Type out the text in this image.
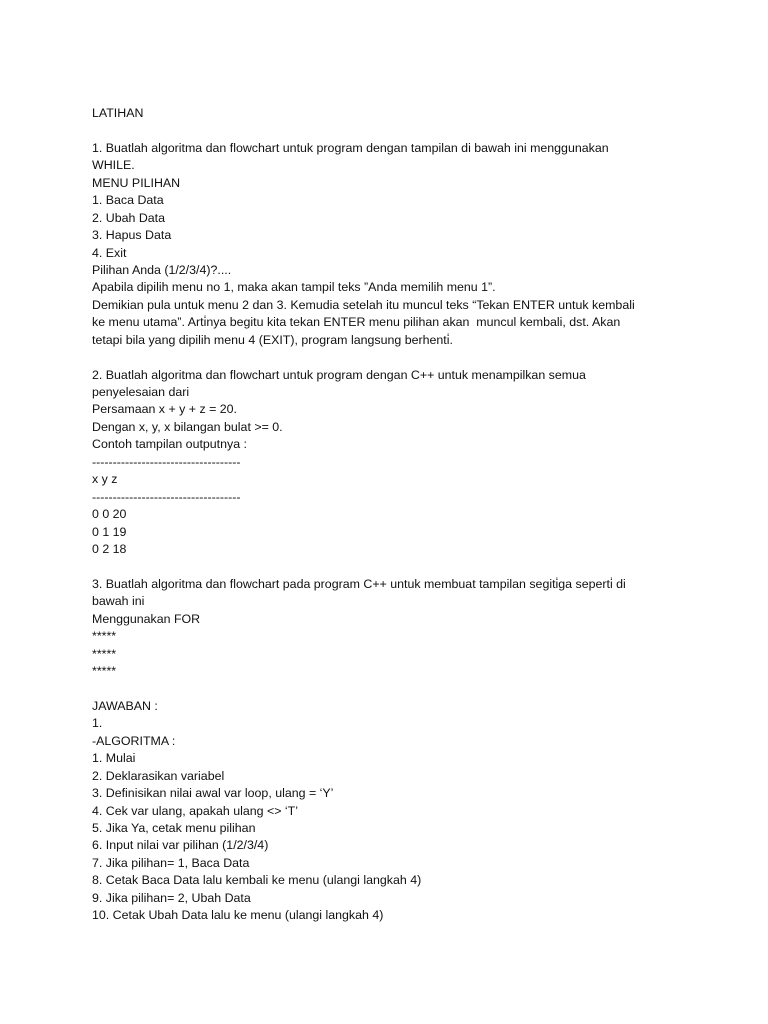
LATIHAN
1. Buatlah algoritma dan flowchart untuk program dengan tampilan di bawah ini menggunakan
WHILE.
MENU PILIHAN
1. Baca Data
2. Ubah Data
3. Hapus Data
4. Exit
Pilihan Anda (1/2/3/4)?....
Apabila dipilih menu no 1, maka akan tampil teks ”Anda memilih menu 1”.
Demikian pula untuk menu 2 dan 3. Kemudia setelah itu muncul teks “Tekan ENTER untuk kembali
ke menu utama”. Arti̇nya begitu kita tekan ENTER menu pilihan akan  muncul kembali, dst. Akan
tetapi bila yang dipilih menu 4 (EXIT), program langsung berhenti̇.
2. Buatlah algoritma dan flowchart untuk program dengan C++ untuk menampilkan semua
penyelesaian dari
Persamaan x + y + z = 20.
Dengan x, y, x bilangan bulat >= 0.
Contoh tampilan outputnya :
------------------------------------
x y z
------------------------------------
0 0 20
0 1 19
0 2 18
3. Buatlah algoritma dan flowchart pada program C++ untuk membuat tampilan segiti̇ga seperti̇ di
bawah ini
Menggunakan FOR
*****
*****
*****
JAWABAN :
1.
-ALGORITMA :
1. Mulai
2. Deklarasikan variabel
3. Definisikan nilai awal var loop, ulang = ‘Y’
4. Cek var ulang, apakah ulang <> ‘T’
5. Jika Ya, cetak menu pilihan
6. Input nilai var pilihan (1/2/3/4)
7. Jika pilihan= 1, Baca Data
8. Cetak Baca Data lalu kembali ke menu (ulangi langkah 4)
9. Jika pilihan= 2, Ubah Data
10. Cetak Ubah Data lalu ke menu (ulangi langkah 4)
